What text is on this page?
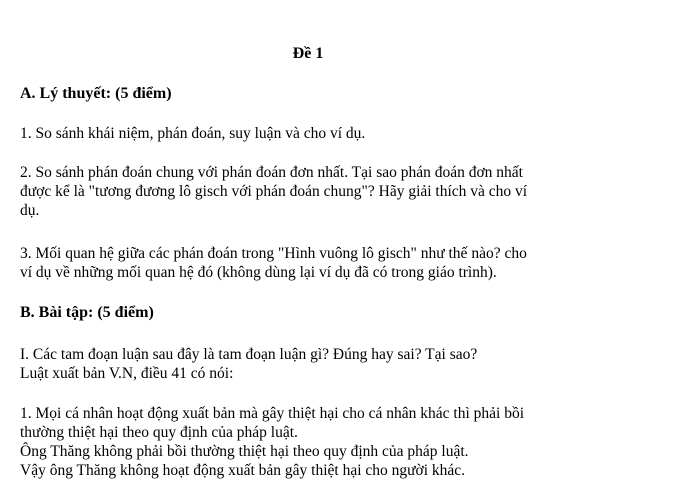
Đề 1
A. Lý thuyết: (5 điểm)
1. So sánh khái niệm, phán đoán, suy luận và cho ví dụ.
2. So sánh phán đoán chung với phán đoán đơn nhất. Tại sao phán đoán đơn nhất
được kể là "tương đương lô gisch với phán đoán chung"? Hãy giải thích và cho ví
dụ.
3. Mối quan hệ giữa các phán đoán trong "Hình vuông lô gisch" như thế nào? cho
ví dụ về những mối quan hệ đó (không dùng lại ví dụ đã có trong giáo trình).
B. Bài tập: (5 điểm)
I. Các tam đoạn luận sau đây là tam đoạn luận gì? Đúng hay sai? Tại sao?
Luật xuất bản V.N, điều 41 có nói:
1. Mọi cá nhân hoạt động xuất bản mà gây thiệt hại cho cá nhân khác thì phải bồi
thường thiệt hại theo quy định của pháp luật.
Ông Thăng không phải bồi thường thiệt hại theo quy định của pháp luật.
Vậy ông Thăng không hoạt động xuất bản gây thiệt hại cho người khác.
